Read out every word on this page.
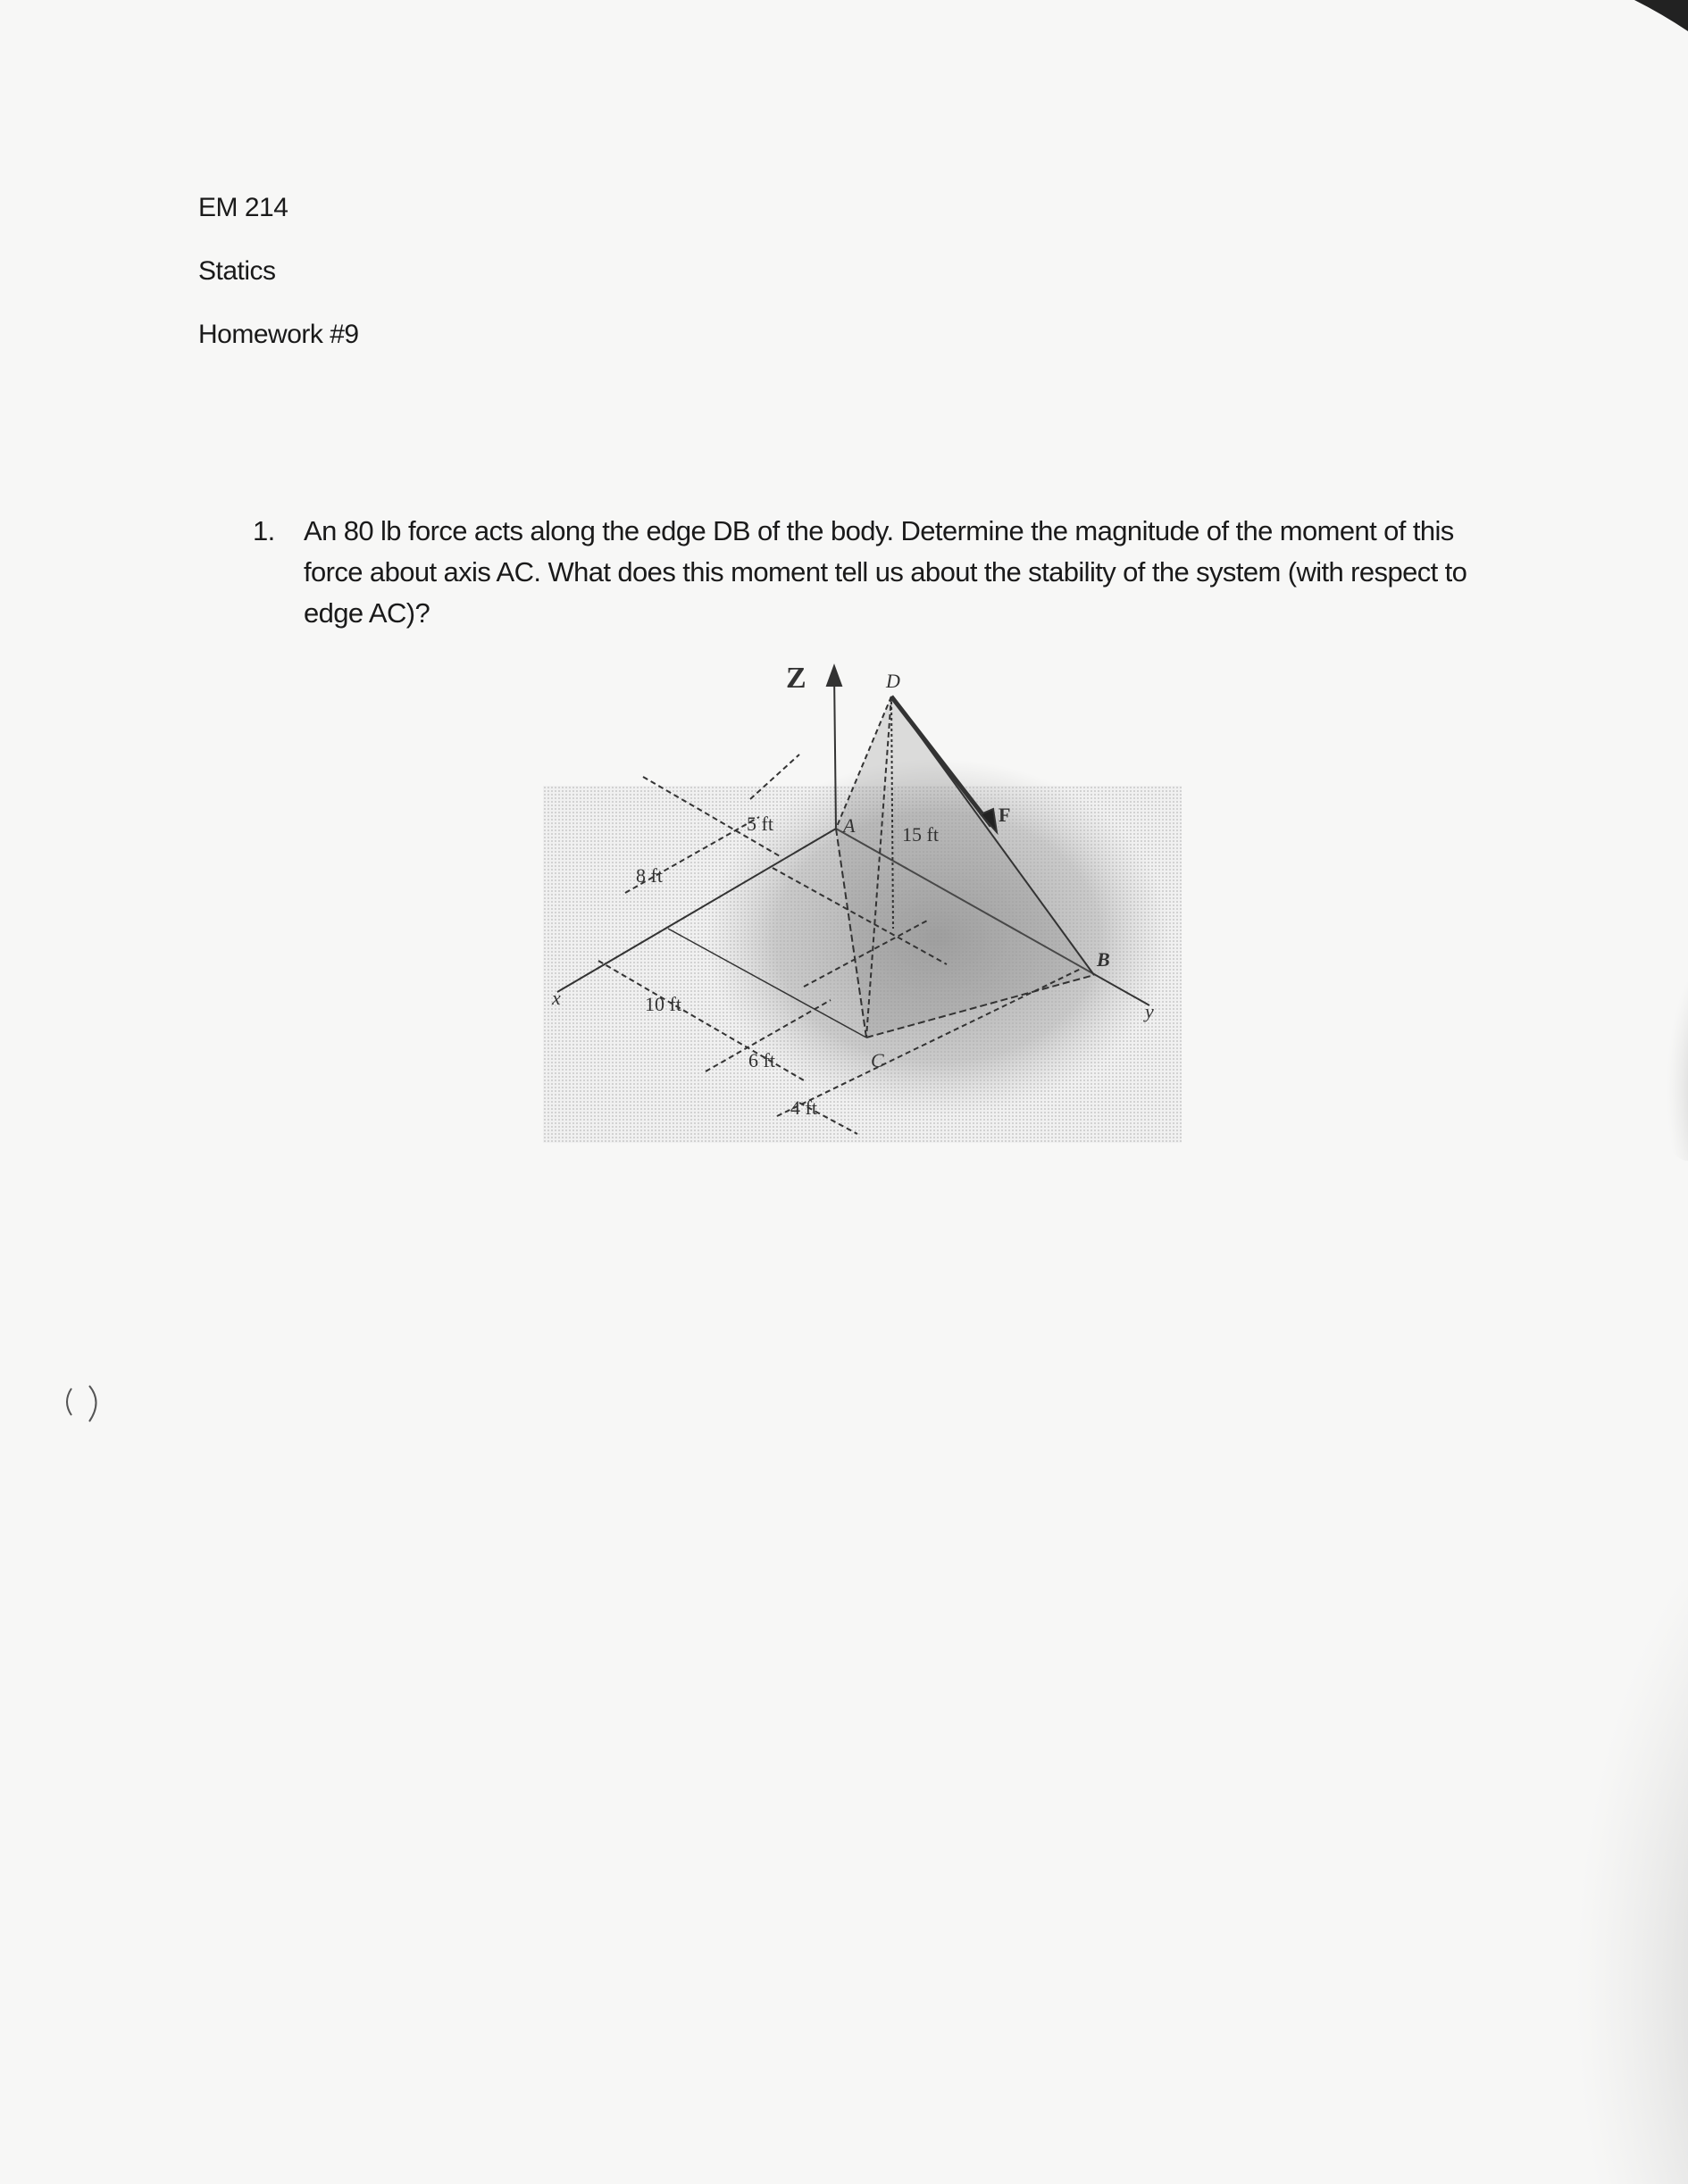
EM 214
Statics
Homework #9
1. An 80 lb force acts along the edge DB of the body. Determine the magnitude of the moment of this force about axis AC. What does this moment tell us about the stability of the system (with respect to edge AC)?
Z	D
A
B
C
F
x
y
5 ft
8 ft
10 ft
6 ft
4 ft
15 ft
